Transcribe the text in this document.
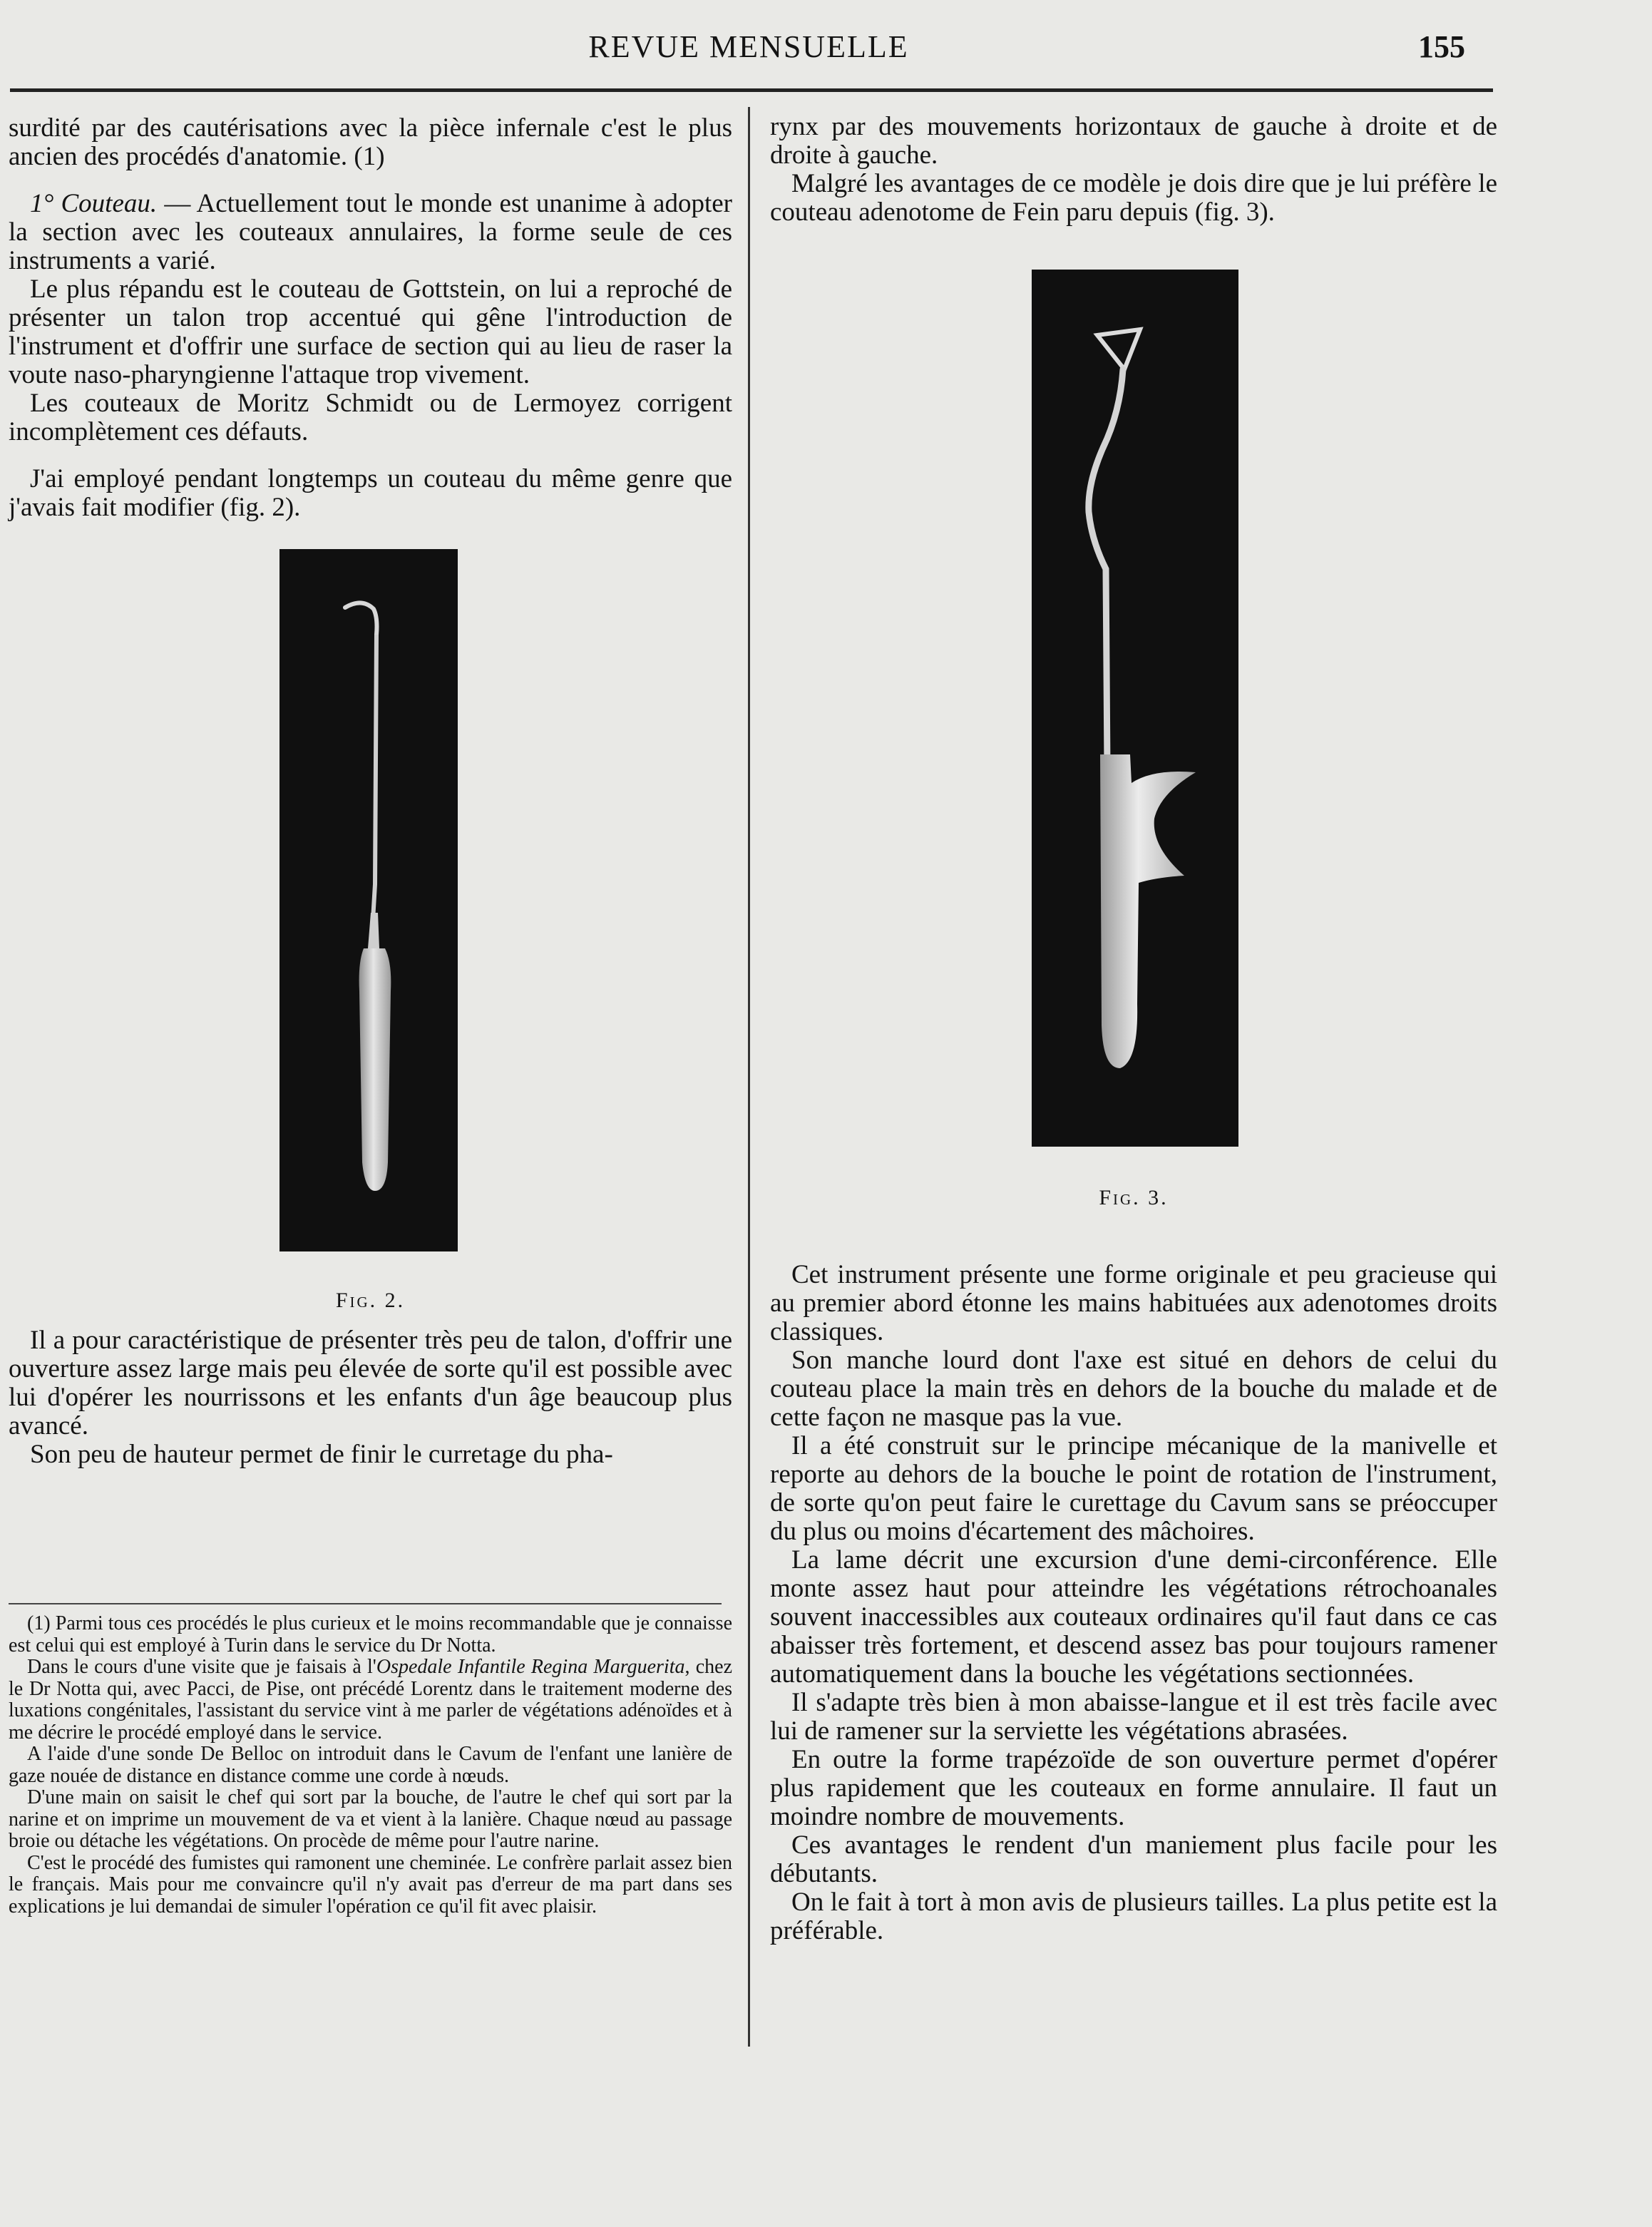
REVUE MENSUELLE	155

surdité par des cautérisations avec la pièce infernale c'est le plus ancien des procédés d'anatomie. (1)

1° Couteau. — Actuellement tout le monde est unanime à adopter la section avec les couteaux annulaires, la forme seule de ces instruments a varié.

Le plus répandu est le couteau de Gottstein, on lui a reproché de présenter un talon trop accentué qui gêne l'introduction de l'instrument et d'offrir une surface de section qui au lieu de raser la voute naso-pharyngienne l'attaque trop vivement.

Les couteaux de Moritz Schmidt ou de Lermoyez corrigent incomplètement ces défauts.

J'ai employé pendant longtemps un couteau du même genre que j'avais fait modifier (fig. 2).

Fig. 2.

Il a pour caractéristique de présenter très peu de talon, d'offrir une ouverture assez large mais peu élevée de sorte qu'il est possible avec lui d'opérer les nourrissons et les enfants d'un âge beaucoup plus avancé.

Son peu de hauteur permet de finir le curretage du pha-

(1) Parmi tous ces procédés le plus curieux et le moins recommandable que je connaisse est celui qui est employé à Turin dans le service du Dr Notta.

Dans le cours d'une visite que je faisais à l'Ospedale Infantile Regina Marguerita, chez le Dr Notta qui, avec Pacci, de Pise, ont précédé Lorentz dans le traitement moderne des luxations congénitales, l'assistant du service vint à me parler de végétations adénoïdes et à me décrire le procédé employé dans le service.

A l'aide d'une sonde De Belloc on introduit dans le Cavum de l'enfant une lanière de gaze nouée de distance en distance comme une corde à nœuds.

D'une main on saisit le chef qui sort par la bouche, de l'autre le chef qui sort par la narine et on imprime un mouvement de va et vient à la lanière. Chaque nœud au passage broie ou détache les végétations. On procède de même pour l'autre narine.

C'est le procédé des fumistes qui ramonent une cheminée. Le confrère parlait assez bien le français. Mais pour me convaincre qu'il n'y avait pas d'erreur de ma part dans ses explications je lui demandai de simuler l'opération ce qu'il fit avec plaisir.

rynx par des mouvements horizontaux de gauche à droite et de droite à gauche.

Malgré les avantages de ce modèle je dois dire que je lui préfère le couteau adenotome de Fein paru depuis (fig. 3).

Fig. 3.

Cet instrument présente une forme originale et peu gracieuse qui au premier abord étonne les mains habituées aux adenotomes droits classiques.

Son manche lourd dont l'axe est situé en dehors de celui du couteau place la main très en dehors de la bouche du malade et de cette façon ne masque pas la vue.

Il a été construit sur le principe mécanique de la manivelle et reporte au dehors de la bouche le point de rotation de l'instrument, de sorte qu'on peut faire le curettage du Cavum sans se préoccuper du plus ou moins d'écartement des mâchoires.

La lame décrit une excursion d'une demi-circonférence. Elle monte assez haut pour atteindre les végétations rétrochoanales souvent inaccessibles aux couteaux ordinaires qu'il faut dans ce cas abaisser très fortement, et descend assez bas pour toujours ramener automatiquement dans la bouche les végétations sectionnées.

Il s'adapte très bien à mon abaisse-langue et il est très facile avec lui de ramener sur la serviette les végétations abrasées.

En outre la forme trapézoïde de son ouverture permet d'opérer plus rapidement que les couteaux en forme annulaire. Il faut un moindre nombre de mouvements.

Ces avantages le rendent d'un maniement plus facile pour les débutants.

On le fait à tort à mon avis de plusieurs tailles. La plus petite est la préférable.
